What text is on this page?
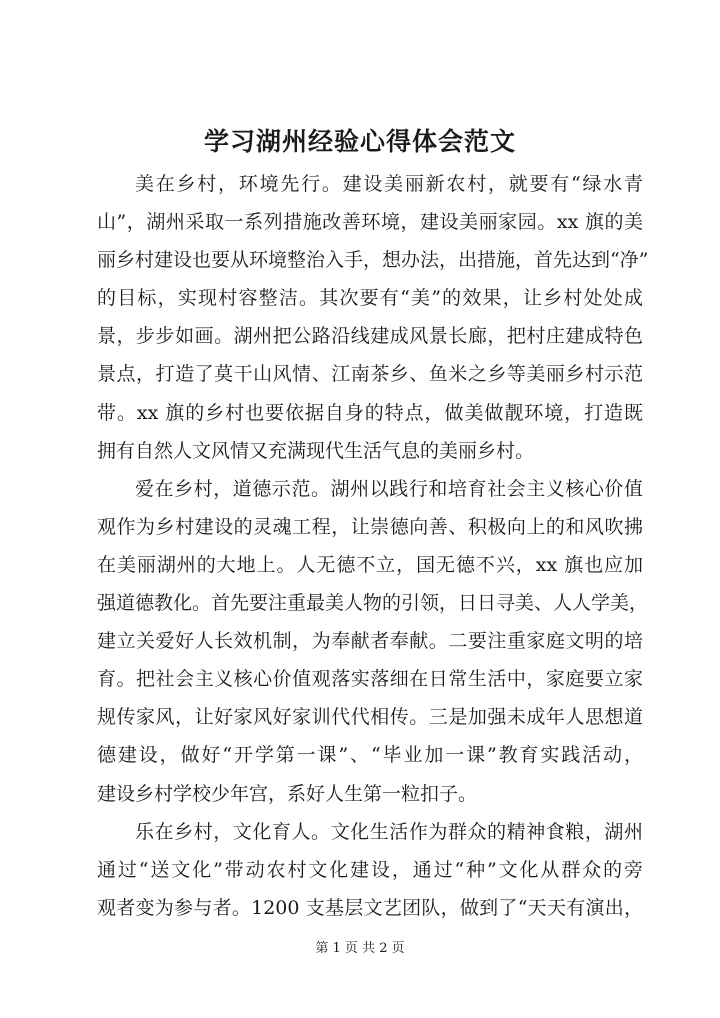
学习湖州经验心得体会范文

美在乡村，环境先行。建设美丽新农村，就要有“绿水青
山”，湖州采取一系列措施改善环境，建设美丽家园。xx 旗的美
丽乡村建设也要从环境整治入手，想办法，出措施，首先达到“净”
的目标，实现村容整洁。其次要有“美”的效果，让乡村处处成
景，步步如画。湖州把公路沿线建成风景长廊，把村庄建成特色
景点，打造了莫干山风情、江南茶乡、鱼米之乡等美丽乡村示范
带。xx 旗的乡村也要依据自身的特点，做美做靓环境，打造既
拥有自然人文风情又充满现代生活气息的美丽乡村。

爱在乡村，道德示范。湖州以践行和培育社会主义核心价值
观作为乡村建设的灵魂工程，让崇德向善、积极向上的和风吹拂
在美丽湖州的大地上。人无德不立，国无德不兴，xx 旗也应加
强道德教化。首先要注重最美人物的引领，日日寻美、人人学美，
建立关爱好人长效机制，为奉献者奉献。二要注重家庭文明的培
育。把社会主义核心价值观落实落细在日常生活中，家庭要立家
规传家风，让好家风好家训代代相传。三是加强未成年人思想道
德建设，做好“开学第一课”、“毕业加一课”教育实践活动，
建设乡村学校少年宫，系好人生第一粒扣子。

乐在乡村，文化育人。文化生活作为群众的精神食粮，湖州
通过“送文化”带动农村文化建设，通过“种”文化从群众的旁
观者变为参与者。1200 支基层文艺团队，做到了“天天有演出，

第 1 页 共 2 页
